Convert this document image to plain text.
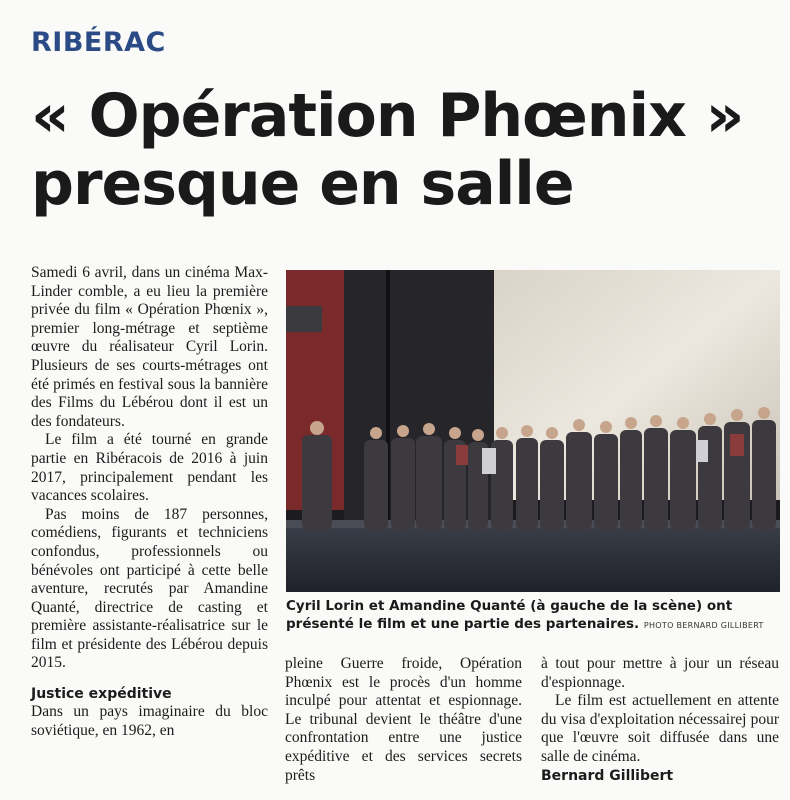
RIBÉRAC
« Opération Phœnix »
presque en salle

Samedi 6 avril, dans un cinéma Max-Linder comble, a eu lieu la première privée du film « Opération Phœnix », premier long-métrage et septième œuvre du réalisateur Cyril Lorin. Plusieurs de ses courts-métrages ont été primés en festival sous la bannière des Films du Lébérou dont il est un des fondateurs.

Le film a été tourné en grande partie en Ribéracois de 2016 à juin 2017, principalement pendant les vacances scolaires.

Pas moins de 187 personnes, comédiens, figurants et techniciens confondus, professionnels ou bénévoles ont participé à cette belle aventure, recrutés par Amandine Quanté, directrice de casting et première assistante-réalisatrice sur le film et présidente des Lébérou depuis 2015.

Justice expéditive

Dans un pays imaginaire du bloc soviétique, en 1962, en

Cyril Lorin et Amandine Quanté (à gauche de la scène) ont présenté le film et une partie des partenaires. PHOTO BERNARD GILLIBERT

pleine Guerre froide, Opération Phœnix est le procès d'un homme inculpé pour attentat et espionnage. Le tribunal devient le théâtre d'une confrontation entre une justice expéditive et des services secrets prêts

à tout pour mettre à jour un réseau d'espionnage.

Le film est actuellement en attente du visa d'exploitation nécessairej pour que l'œuvre soit diffusée dans une salle de cinéma.

Bernard Gillibert
